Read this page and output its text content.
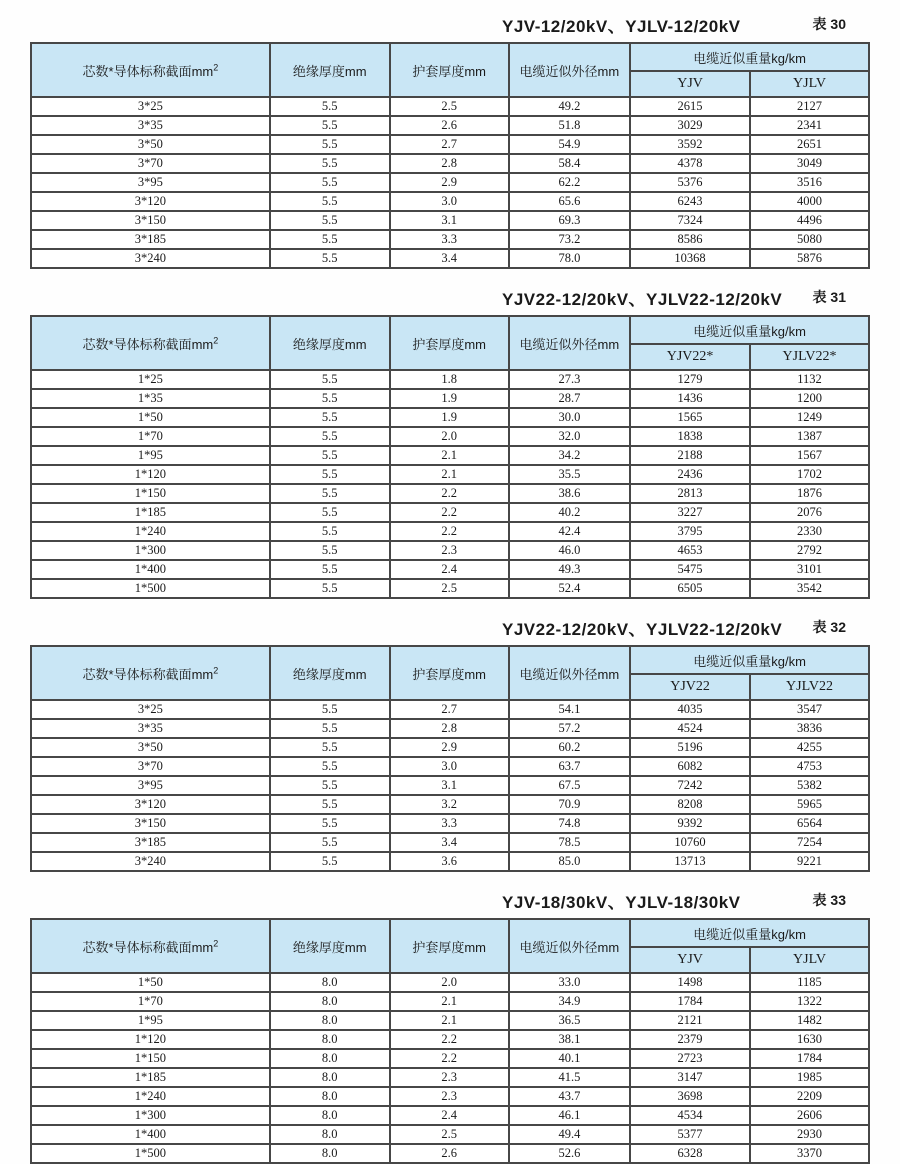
YJV-12/20kV、YJLV-12/20kV	表 30
芯数*导体标称截面$mm^2$	绝缘厚度mm	护套厚度mm	电缆近似外径mm	电缆近似重量kg/km	
				YJV	YJLV
3*25	5.5	2.5	49.2	2615	2127
3*35	5.5	2.6	51.8	3029	2341
3*50	5.5	2.7	54.9	3592	2651
3*70	5.5	2.8	58.4	4378	3049
3*95	5.5	2.9	62.2	5376	3516
3*120	5.5	3.0	65.6	6243	4000
3*150	5.5	3.1	69.3	7324	4496
3*185	5.5	3.3	73.2	8586	5080
3*240	5.5	3.4	78.0	10368	5876
YJV22-12/20kV、YJLV22-12/20kV 表 31
芯数*导体标称截面$mm^2$	绝缘厚度mm	护套厚度mm	电缆近似外径mm	电缆近似重量kg/km	
				YJV22*	YJLV22*
1*25	5.5	1.8	27.3	1279	1132
1*35	5.5	1.9	28.7	1436	1200
1*50	5.5	1.9	30.0	1565	1249
1*70	5.5	2.0	32.0	1838	1387
1*95	5.5	2.1	34.2	2188	1567
1*120	5.5	2.1	35.5	2436	1702
1*150	5.5	2.2	38.6	2813	1876
1*185	5.5	2.2	40.2	3227	2076
1*240	5.5	2.2	42.4	3795	2330
1*300	5.5	2.3	46.0	4653	2792
1*400	5.5	2.4	49.3	5475	3101
1*500	5.5	2.5	52.4	6505	3542
YJV22-12/20kV、YJLV22-12/20kV 表 32
芯数*导体标称截面$mm^2$	绝缘厚度mm	护套厚度mm	电缆近似外径mm	电缆近似重量kg/km	
				YJV22	YJLV22
3*25	5.5	2.7	54.1	4035	3547
3*35	5.5	2.8	57.2	4524	3836
3*50	5.5	2.9	60.2	5196	4255
3*70	5.5	3.0	63.7	6082	4753
3*95	5.5	3.1	67.5	7242	5382
3*120	5.5	3.2	70.9	8208	5965
3*150	5.5	3.3	74.8	9392	6564
3*185	5.5	3.4	78.5	10760	7254
3*240	5.5	3.6	85.0	13713	9221
YJV-18/30kV、YJLV-18/30kV	表 33
芯数*导体标称截面$mm^2$	绝缘厚度mm	护套厚度mm	电缆近似外径mm	电缆近似重量kg/km	
				YJV	YJLV
1*50	8.0	2.0	33.0	1498	1185
1*70	8.0	2.1	34.9	1784	1322
1*95	8.0	2.1	36.5	2121	1482
1*120	8.0	2.2	38.1	2379	1630
1*150	8.0	2.2	40.1	2723	1784
1*185	8.0	2.3	41.5	3147	1985
1*240	8.0	2.3	43.7	3698	2209
1*300	8.0	2.4	46.1	4534	2606
1*400	8.0	2.5	49.4	5377	2930
1*500	8.0	2.6	52.6	6328	3370
